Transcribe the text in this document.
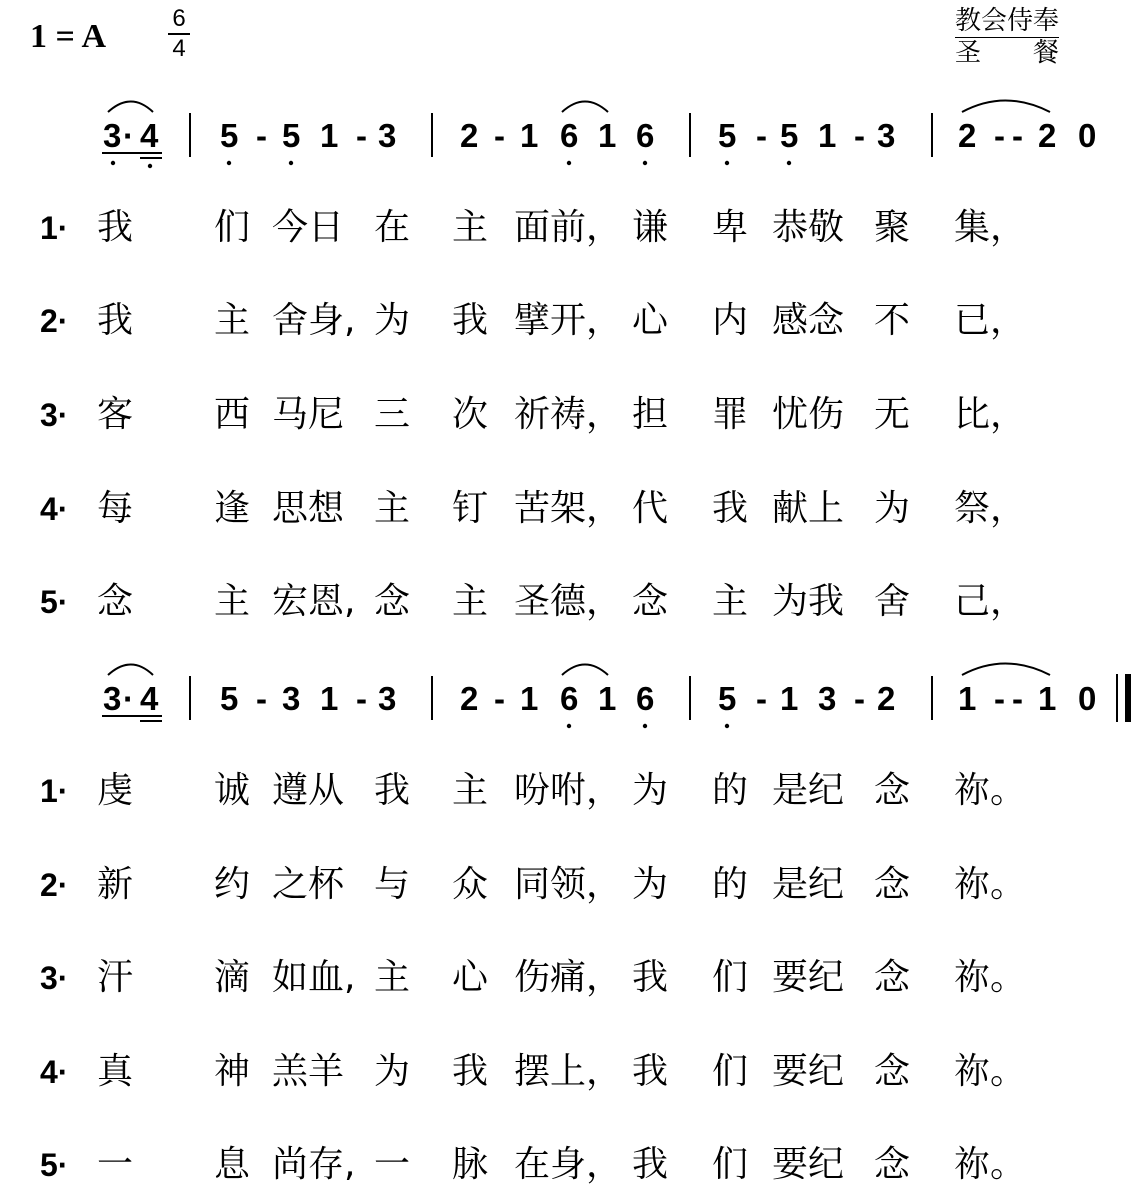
1 = A	6
4
教会侍奉
圣 餐
3 · 4 5 - 5 1 - 3 2 - 1 6 1 6 5 - 5 1 - 3 2 - - 2 0
1· 我 们 今日 在 主 面前， 谦 卑 恭敬 聚 集，
2· 我 主 舍身, 为 我 擘开， 心 内 感念 不 已，
3· 客 西 马尼 三 次 祈祷， 担 罪 忧伤 无 比，
4· 每 逢 思想 主 钉 苦架， 代 我 献上 为 祭，
5· 念 主 宏恩, 念 主 圣德， 念 主 为我 舍 己，
3 · 4 5 - 3 1 - 3 2 - 1 6 1 6 5 - 1 3 - 2 1 - - 1 0
1· 虔 诚 遵从 我 主 吩咐， 为 的 是纪 念 祢。
2· 新 约 之杯 与 众 同领， 为 的 是纪 念 祢。
3· 汗 滴 如血, 主 心 伤痛， 我 们 要纪 念 祢。
4· 真 神 羔羊 为 我 摆上， 我 们 要纪 念 祢。
5· 一 息 尚存, 一 脉 在身， 我 们 要纪 念 祢。
